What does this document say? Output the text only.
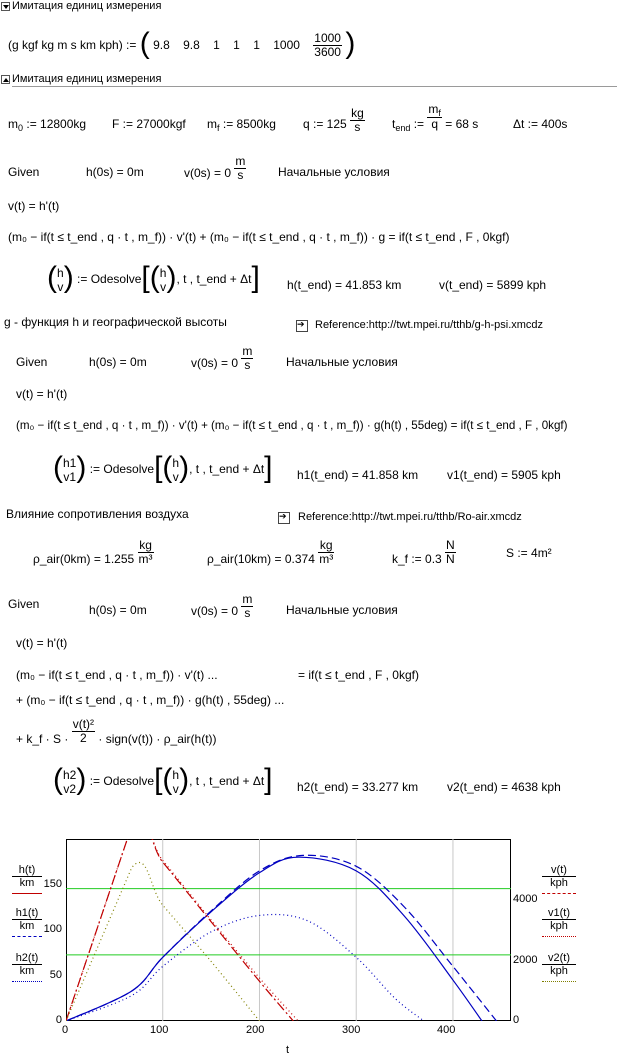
Имитация единиц измерения
(g kgf kg m s km kph) := ( 9.8 9.8 1 1 1 $1000 \frac{1000}{3600}$ )
Имитация единиц измерения
$m_0$ := 12800kg F := 27000kgf $m_f$ := 8500kg q := $125 \frac{kg}{s} t_{end}$ := $\frac{m_f}{q} = 68$ s	Δt := 400s
Given	h(0s) = 0m	$v(0s) = 0 \frac{m}{s}$	Начальные условия
v(t) = h'(t)
(m₀ − if(t ≤ t_end , q · t , m_f)) · v'(t) + (m₀ − if(t ≤ t_end , q · t , m_f)) · g = if(t ≤ t_end , F , 0kgf)
(h
v) := Odesolve[(h
v), t , t_end + Δt] h(t_end) = 41.853 km	v(t_end) = 5899 kph
g - функция h и географической высоты ➔	Reference:http://twt.mpei.ru/tthb/g-h-psi.xmcdz
Given	h(0s) = 0m	$v(0s) = 0 \frac{m}{s}$	Начальные условия
v(t) = h'(t)
(m₀ − if(t ≤ t_end , q · t , m_f)) · v'(t) + (m₀ − if(t ≤ t_end , q · t , m_f)) · g(h(t) , 55deg) = if(t ≤ t_end , F , 0kgf)
(h1
v1) := Odesolve[(h
v), t , t_end + Δt] h1(t_end) = 41.858 km v1(t_end) = 5905 kph
Влияние сопротивления воздуха ➔	Reference:http://twt.mpei.ru/tthb/Ro-air.xmcdz
ρ_air(0km) = $1.255 \frac{kg}{\text{m³}}$	ρ_air(10km) = $0.374 \frac{kg}{\text{m³}}$	k_f := $0.3 \frac{N}{N}$	S := 4m²
Given	h(0s) = 0m	$v(0s) = 0 \frac{m}{s}$	Начальные условия
v(t) = h'(t)
(m₀ − if(t ≤ t_end , q · t , m_f)) · v'(t) ...	= if(t ≤ t_end , F , 0kgf)
+ (m₀ − if(t ≤ t_end , q · t , m_f)) · g(h(t) , 55deg) ...
+ k_f · $S \cdot \frac{\text{v(t)²}}{2}$ · sign(v(t)) · ρ_air(h(t))
(h2
v2) := Odesolve[(h
v), t , t_end + Δt] h2(t_end) = 33.277 km v2(t_end) = 4638 kph
h(t)
km
h1(t)
km
h2(t)
km
v(t)
kph
v1(t)
kph
v2(t)
kph
0
50
100
150
0
2000
4000
0	100	200	300	400
t
